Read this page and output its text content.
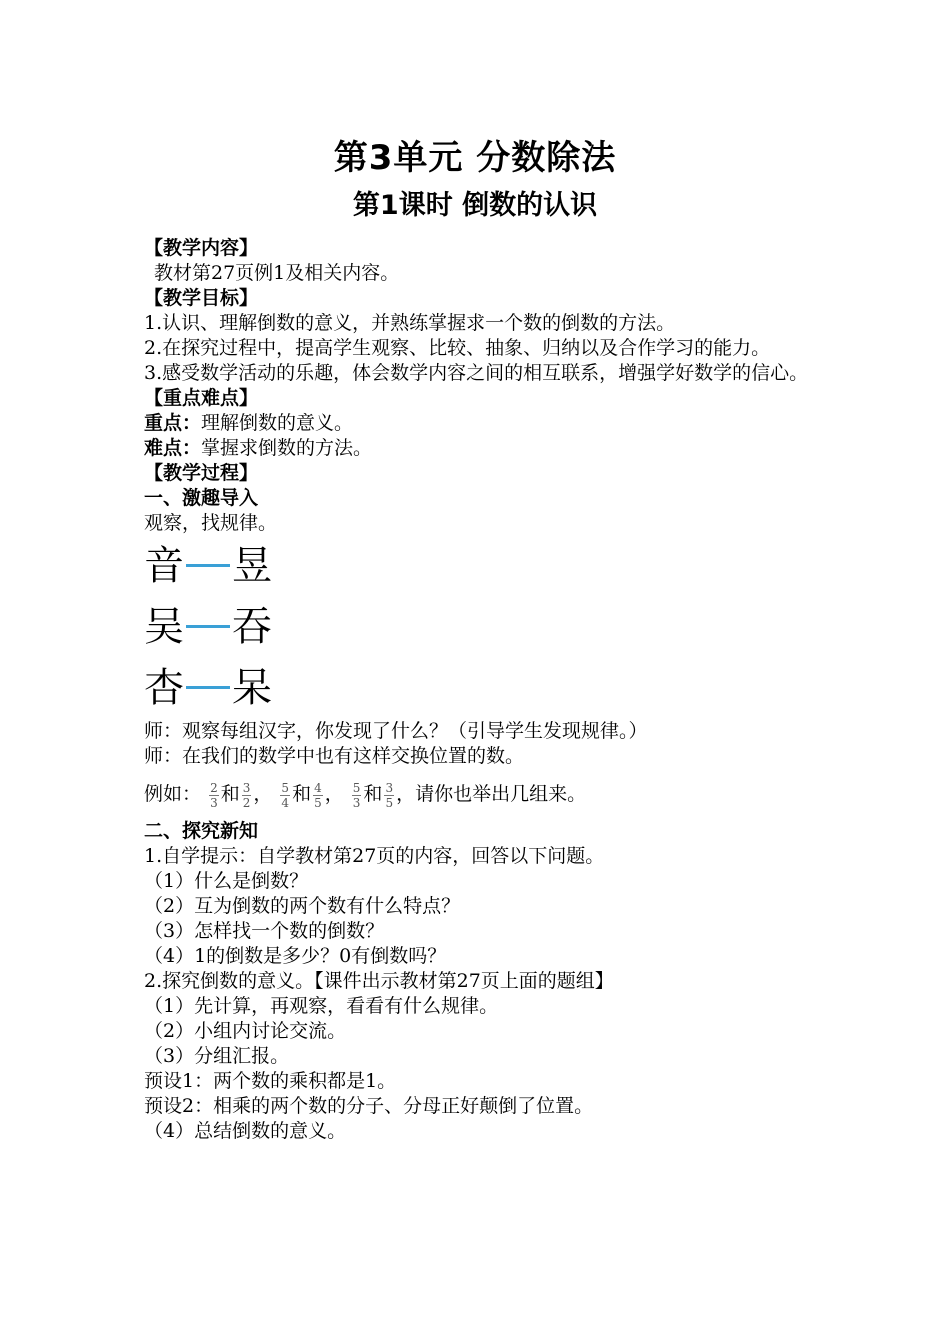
第3单元 分数除法
第1课时 倒数的认识
【教学内容】
教材第27页例1及相关内容。
【教学目标】
1.认识、理解倒数的意义，并熟练掌握求一个数的倒数的方法。
2.在探究过程中，提高学生观察、比较、抽象、归纳以及合作学习的能力。
3.感受数学活动的乐趣，体会数学内容之间的相互联系，增强学好数学的信心。
【重点难点】
重点：理解倒数的意义。
难点：掌握求倒数的方法。
【教学过程】
一、激趣导入
观察，找规律。
音 昱
吴 吞
杏 呆
师：观察每组汉字，你发现了什么？（引导学生发现规律。）
师：在我们的数学中也有这样交换位置的数。
例如： $\frac{2}{3}$ 和 $\frac{3}{2}$ ， $\frac{5}{4}$ 和 $\frac{4}{5}$ ， $\frac{5}{3}$ 和 $\frac{3}{5}$ ，请你也举出几组来。
二、探究新知
1.自学提示：自学教材第27页的内容，回答以下问题。
（1）什么是倒数？
（2）互为倒数的两个数有什么特点？
（3）怎样找一个数的倒数？
（4）1的倒数是多少？0有倒数吗？
2.探究倒数的意义。【课件出示教材第27页上面的题组】
（1）先计算，再观察，看看有什么规律。
（2）小组内讨论交流。
（3）分组汇报。
预设1：两个数的乘积都是1。
预设2：相乘的两个数的分子、分母正好颠倒了位置。
（4）总结倒数的意义。
